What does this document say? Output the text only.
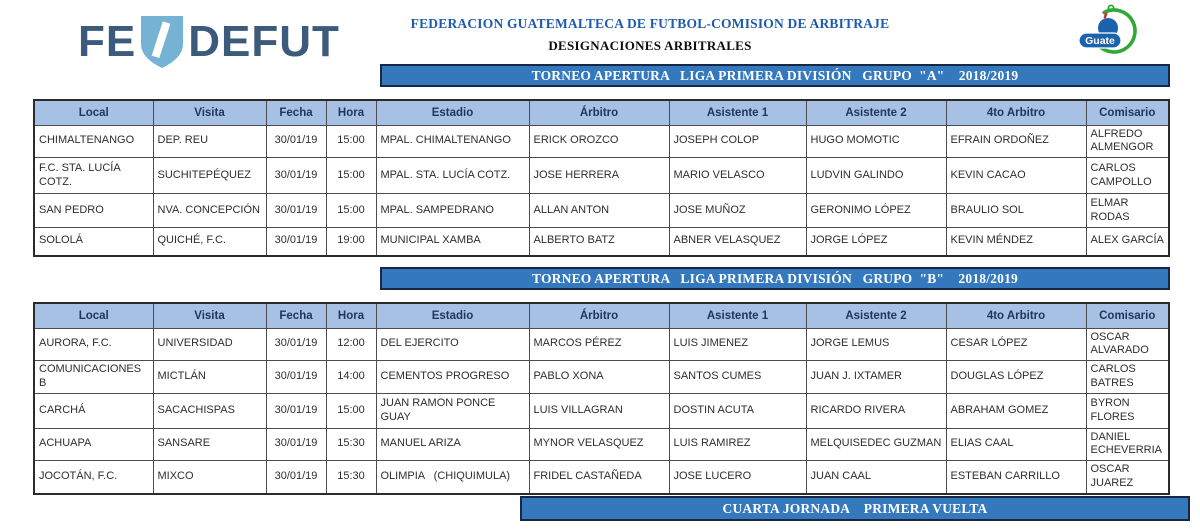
FE DEFUT	FEDERACION GUATEMALTECA DE FUTBOL-COMISION DE ARBITRAJE
DESIGNACIONES ARBITRALES	Guate
TORNEO APERTURA   LIGA PRIMERA DIVISIÓN   GRUPO  "A"    2018/2019
Local	Visita	Fecha	Hora	Estadio	Árbitro	Asistente 1	Asistente 2	4to Arbitro	Comisario
CHIMALTENANGO	DEP. REU	30/01/19	15:00	MPAL. CHIMALTENANGO	ERICK OROZCO	JOSEPH COLOP	HUGO MOMOTIC	EFRAIN ORDOÑEZ	ALFREDO ALMENGOR
F.C. STA. LUCÍA COTZ.	SUCHITEPÉQUEZ	30/01/19	15:00	MPAL. STA. LUCÍA COTZ.	JOSE HERRERA	MARIO VELASCO	LUDVIN GALINDO	KEVIN CACAO	CARLOS CAMPOLLO
SAN PEDRO	NVA. CONCEPCIÓN	30/01/19	15:00	MPAL. SAMPEDRANO	ALLAN ANTON	JOSE MUÑOZ	GERONIMO LÓPEZ	BRAULIO SOL	ELMAR RODAS
SOLOLÁ	QUICHÉ, F.C.	30/01/19	19:00	MUNICIPAL XAMBA	ALBERTO BATZ	ABNER VELASQUEZ	JORGE LÓPEZ	KEVIN MÉNDEZ	ALEX GARCÍA
TORNEO APERTURA   LIGA PRIMERA DIVISIÓN   GRUPO  "B"    2018/2019
Local	Visita	Fecha	Hora	Estadio	Árbitro	Asistente 1	Asistente 2	4to Arbitro	Comisario
AURORA, F.C.	UNIVERSIDAD	30/01/19	12:00	DEL EJERCITO	MARCOS PÉREZ	LUIS JIMENEZ	JORGE LEMUS	CESAR LÓPEZ	OSCAR ALVARADO
COMUNICACIONES B	MICTLÁN	30/01/19	14:00	CEMENTOS PROGRESO	PABLO XONA	SANTOS CUMES	JUAN J. IXTAMER	DOUGLAS LÓPEZ	CARLOS BATRES
CARCHÁ	SACACHISPAS	30/01/19	15:00	JUAN RAMON PONCE GUAY	LUIS VILLAGRAN	DOSTIN ACUTA	RICARDO RIVERA	ABRAHAM GOMEZ	BYRON FLORES
ACHUAPA	SANSARE	30/01/19	15:30	MANUEL ARIZA	MYNOR VELASQUEZ	LUIS RAMIREZ	MELQUISEDEC GUZMAN	ELIAS CAAL	DANIEL ECHEVERRIA
JOCOTÁN, F.C.	MIXCO	30/01/19	15:30	OLIMPIA   (CHIQUIMULA)	FRIDEL CASTAÑEDA	JOSE LUCERO	JUAN CAAL	ESTEBAN CARRILLO	OSCAR JUAREZ
CUARTA JORNADA    PRIMERA VUELTA
